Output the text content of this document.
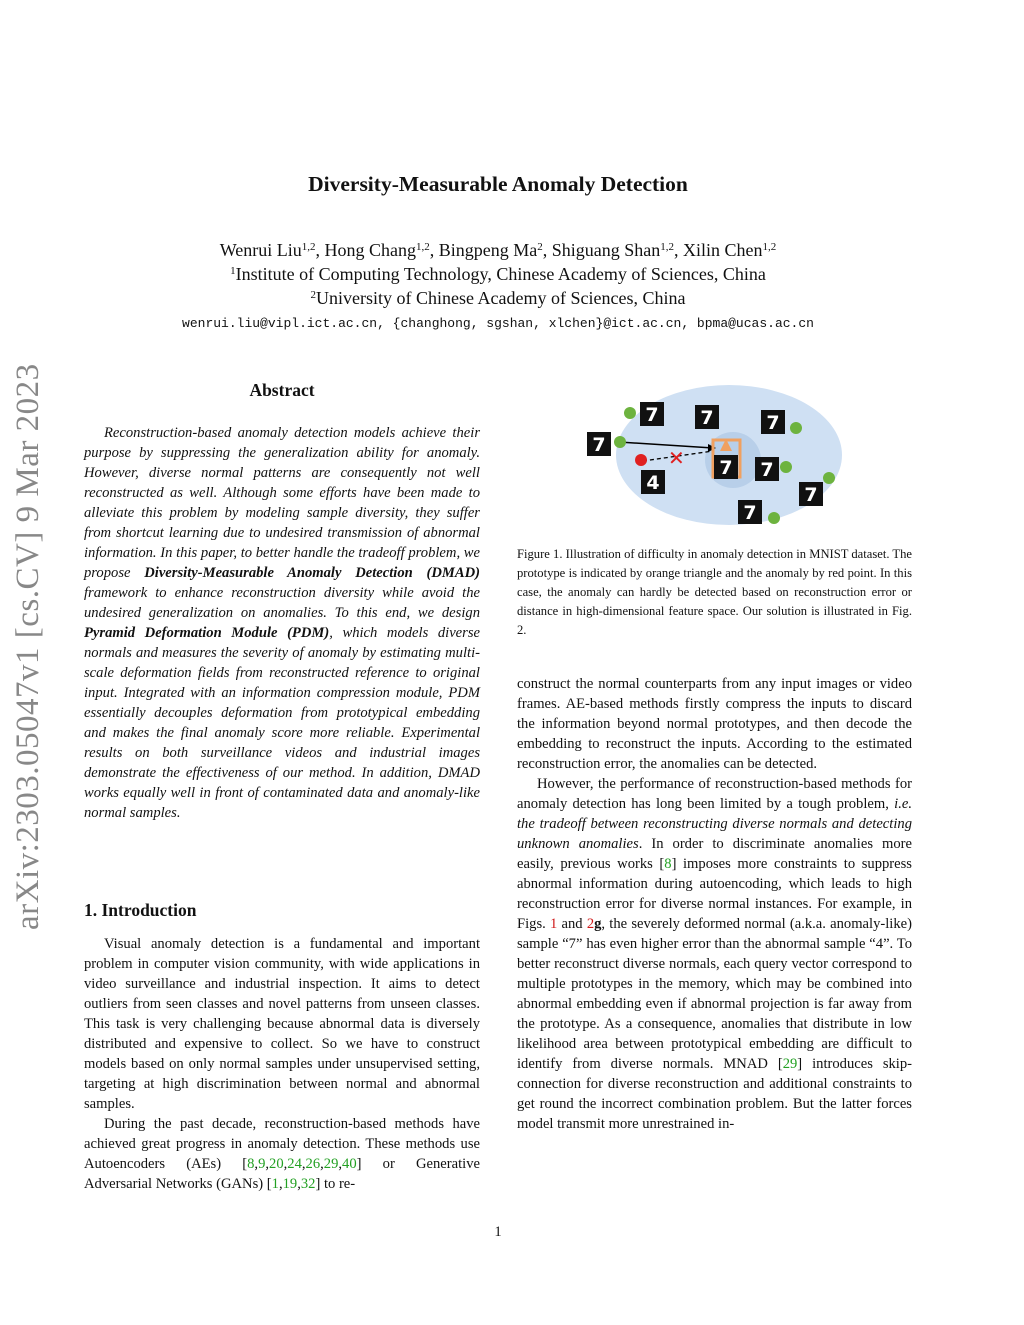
arXiv:2303.05047v1 [cs.CV] 9 Mar 2023
Diversity-Measurable Anomaly Detection
Wenrui Liu$^{1,2}$, Hong Chang$^{1,2}$, Bingpeng Ma$^2$, Shiguang Shan$^{1,2}$, Xilin Chen$^{1,2}$
$^1$Institute of Computing Technology, Chinese Academy of Sciences, China
$^2$University of Chinese Academy of Sciences, China
wenrui.liu@vipl.ict.ac.cn, {changhong, sgshan, xlchen}@ict.ac.cn, bpma@ucas.ac.cn
Abstract

Reconstruction-based anomaly detection models achieve their purpose by suppressing the generalization ability for anomaly. However, diverse normal patterns are consequently not well reconstructed as well. Although some efforts have been made to alleviate this problem by modeling sample diversity, they suffer from shortcut learning due to undesired transmission of abnormal information. In this paper, to better handle the tradeoff problem, we propose Diversity-Measurable Anomaly Detection (DMAD) framework to enhance reconstruction diversity while avoid the undesired generalization on anomalies. To this end, we design Pyramid Deformation Module (PDM), which models diverse normals and measures the severity of anomaly by estimating multi-scale deformation fields from reconstructed reference to original input. Integrated with an information compression module, PDM essentially decouples deformation from prototypical embedding and makes the final anomaly score more reliable. Experimental results on both surveillance videos and industrial images demonstrate the effectiveness of our method. In addition, DMAD works equally well in front of contaminated data and anomaly-like normal samples.

1. Introduction

Visual anomaly detection is a fundamental and important problem in computer vision community, with wide applications in video surveillance and industrial inspection. It aims to detect outliers from seen classes and novel patterns from unseen classes. This task is very challenging because abnormal data is diversely distributed and expensive to collect. So we have to construct models based on only normal samples under unsupervised setting, targeting at high discrimination between normal and abnormal samples.

During the past decade, reconstruction-based methods have achieved great progress in anomaly detection. These methods use Autoencoders (AEs) [8,9,20,24,26,29,40] or Generative Adversarial Networks (GANs) [1,19,32] to re-

✕
7 7	7
7
7
4
7
7
7
Figure 1. Illustration of difficulty in anomaly detection in MNIST dataset. The prototype is indicated by orange triangle and the anomaly by red point. In this case, the anomaly can hardly be detected based on reconstruction error or distance in high-dimensional feature space. Our solution is illustrated in Fig. 2.

construct the normal counterparts from any input images or video frames. AE-based methods firstly compress the inputs to discard the information beyond normal prototypes, and then decode the embedding to reconstruct the inputs. According to the estimated reconstruction error, the anomalies can be detected.

However, the performance of reconstruction-based methods for anomaly detection has long been limited by a tough problem, i.e. the tradeoff between reconstructing diverse normals and detecting unknown anomalies. In order to discriminate anomalies more easily, previous works [8] imposes more constraints to suppress abnormal information during autoencoding, which leads to high reconstruction error for diverse normal instances. For example, in Figs. 1 and 2g, the severely deformed normal (a.k.a. anomaly-like) sample “7” has even higher error than the abnormal sample “4”. To better reconstruct diverse normals, each query vector correspond to multiple prototypes in the memory, which may be combined into abnormal embedding even if abnormal projection is far away from the prototype. As a consequence, anomalies that distribute in low likelihood area between prototypical embedding are difficult to identify from diverse normals. MNAD [29] introduces skip-connection for diverse reconstruction and additional constraints to get round the incorrect combination problem. But the latter forces model transmit more unrestrained in-

1
